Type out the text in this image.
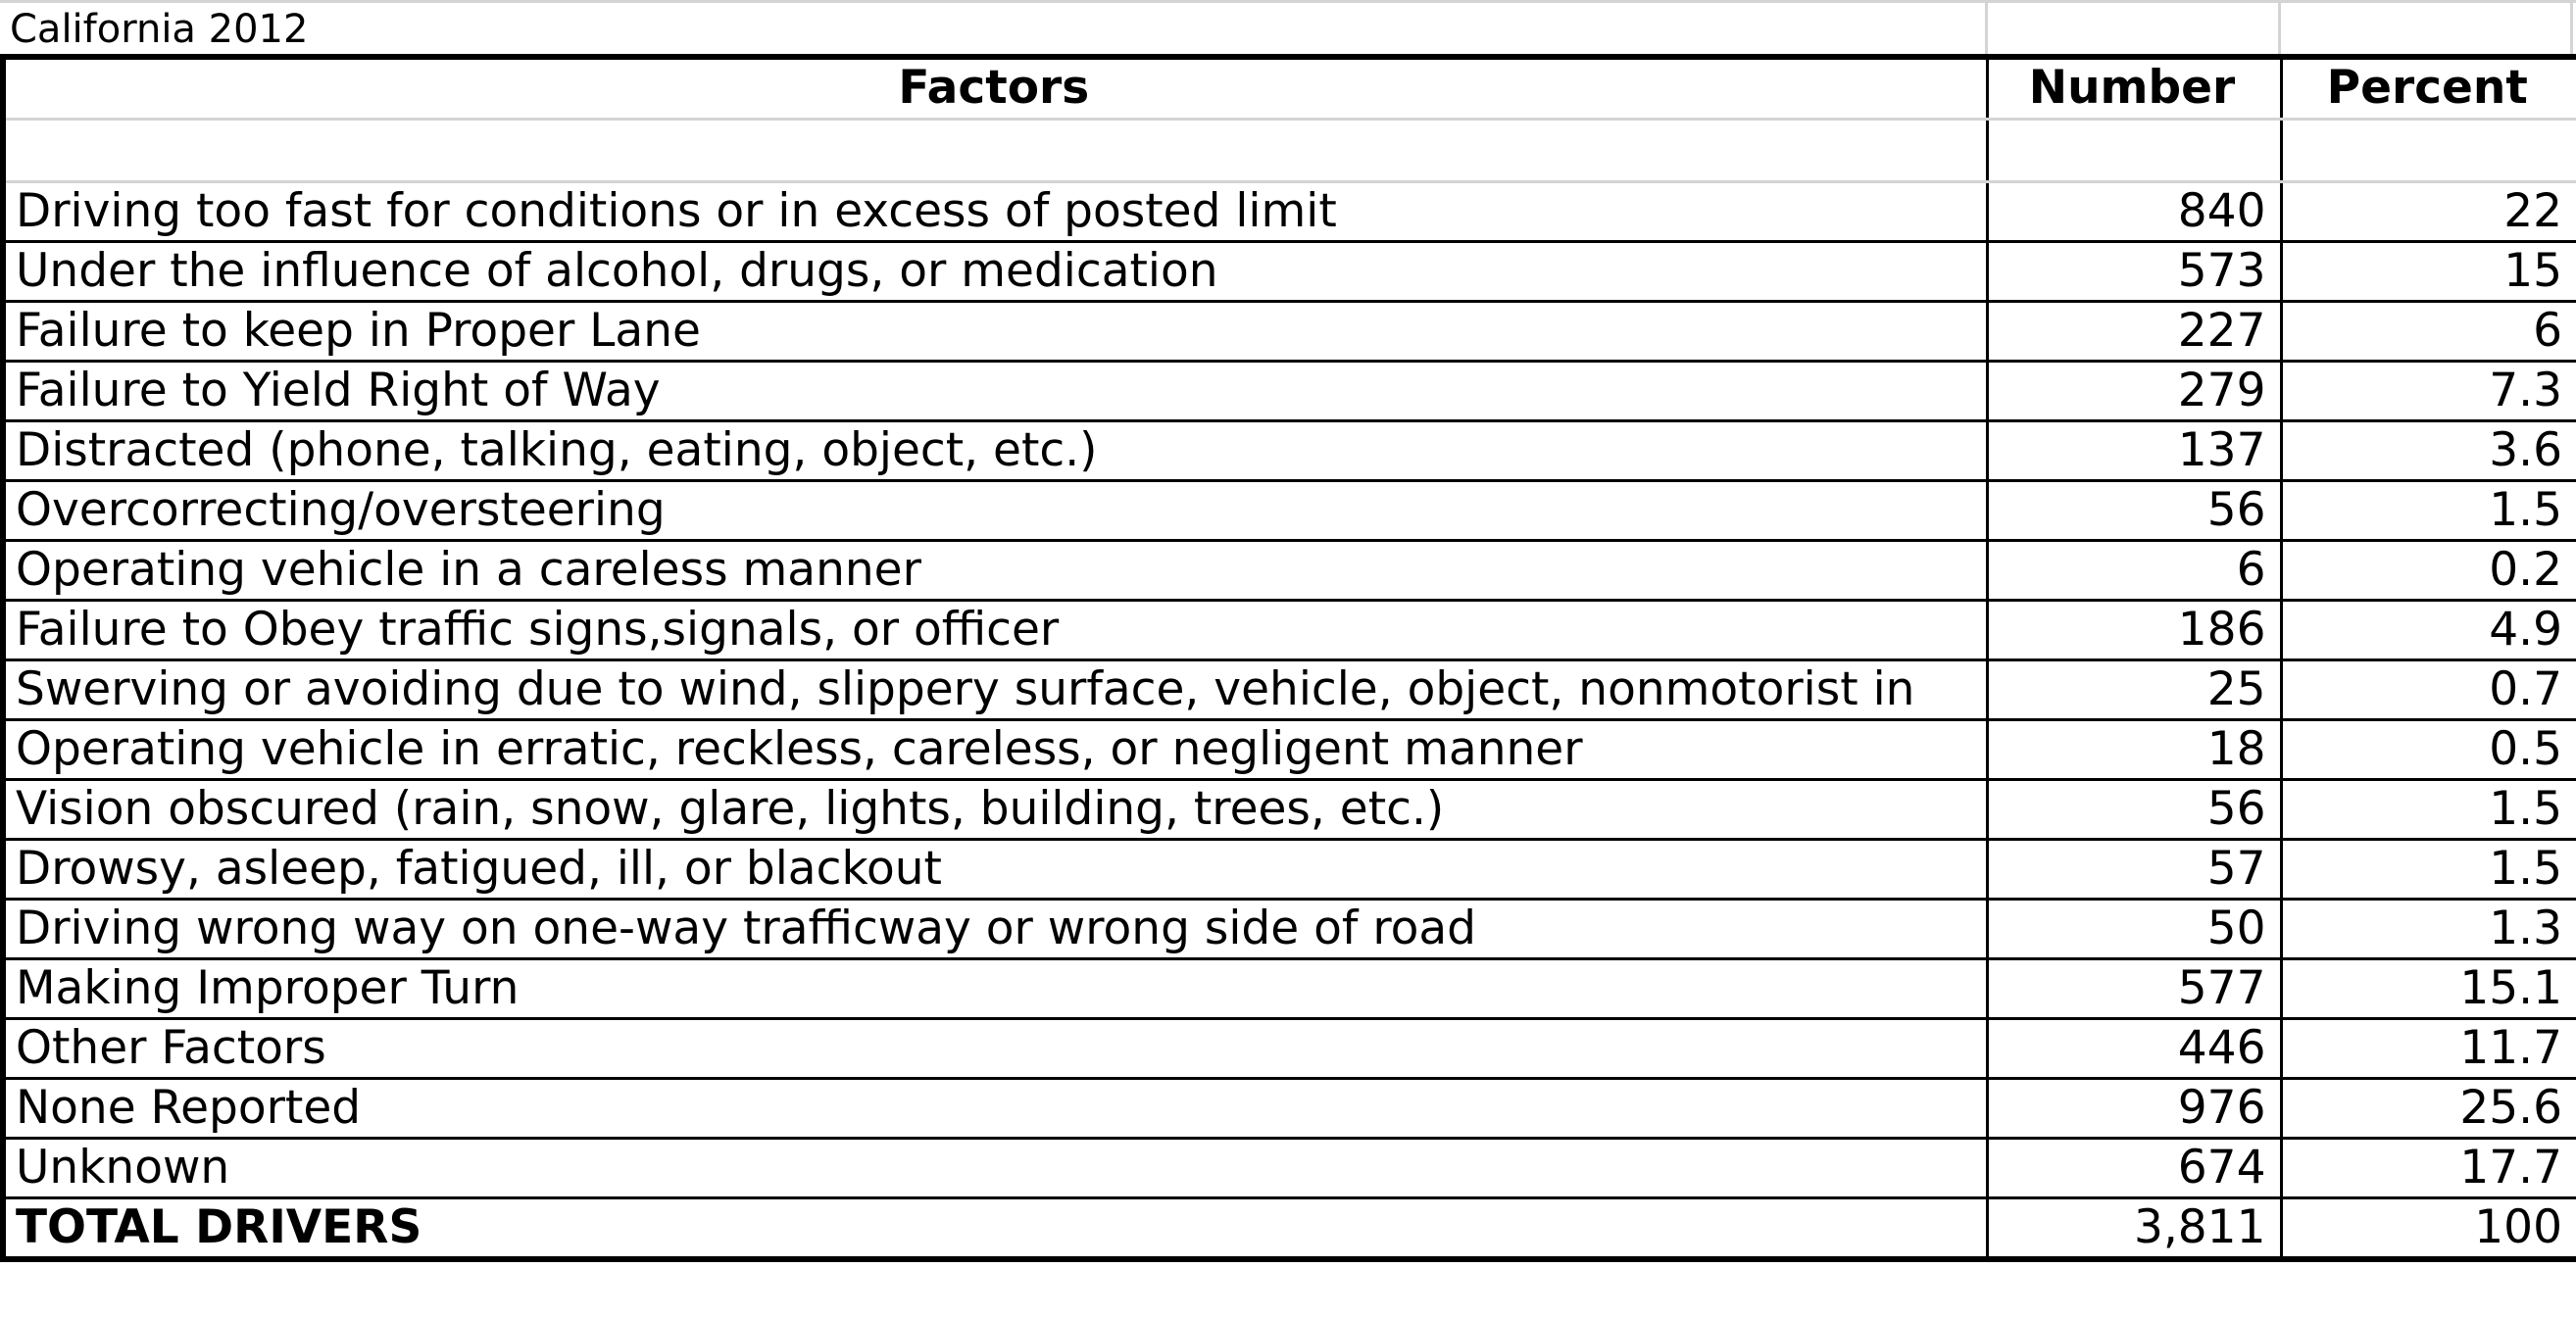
California 2012
Factors	Number	Percent

Driving too fast for conditions or in excess of posted limit	840	22
Under the influence of alcohol, drugs, or medication	573	15
Failure to keep in Proper Lane	227	6
Failure to Yield Right of Way	279	7.3
Distracted (phone, talking, eating, object, etc.)	137	3.6
Overcorrecting/oversteering	56	1.5
Operating vehicle in a careless manner	6	0.2
Failure to Obey traffic signs,signals, or officer	186	4.9
Swerving or avoiding due to wind, slippery surface, vehicle, object, nonmotorist in	25	0.7
Operating vehicle in erratic, reckless, careless, or negligent manner	18	0.5
Vision obscured (rain, snow, glare, lights, building, trees, etc.)	56	1.5
Drowsy, asleep, fatigued, ill, or blackout	57	1.5
Driving wrong way on one-way trafficway or wrong side of road	50	1.3
Making Improper Turn	577	15.1
Other Factors	446	11.7
None Reported	976	25.6
Unknown	674	17.7
TOTAL DRIVERS	3,811	100
